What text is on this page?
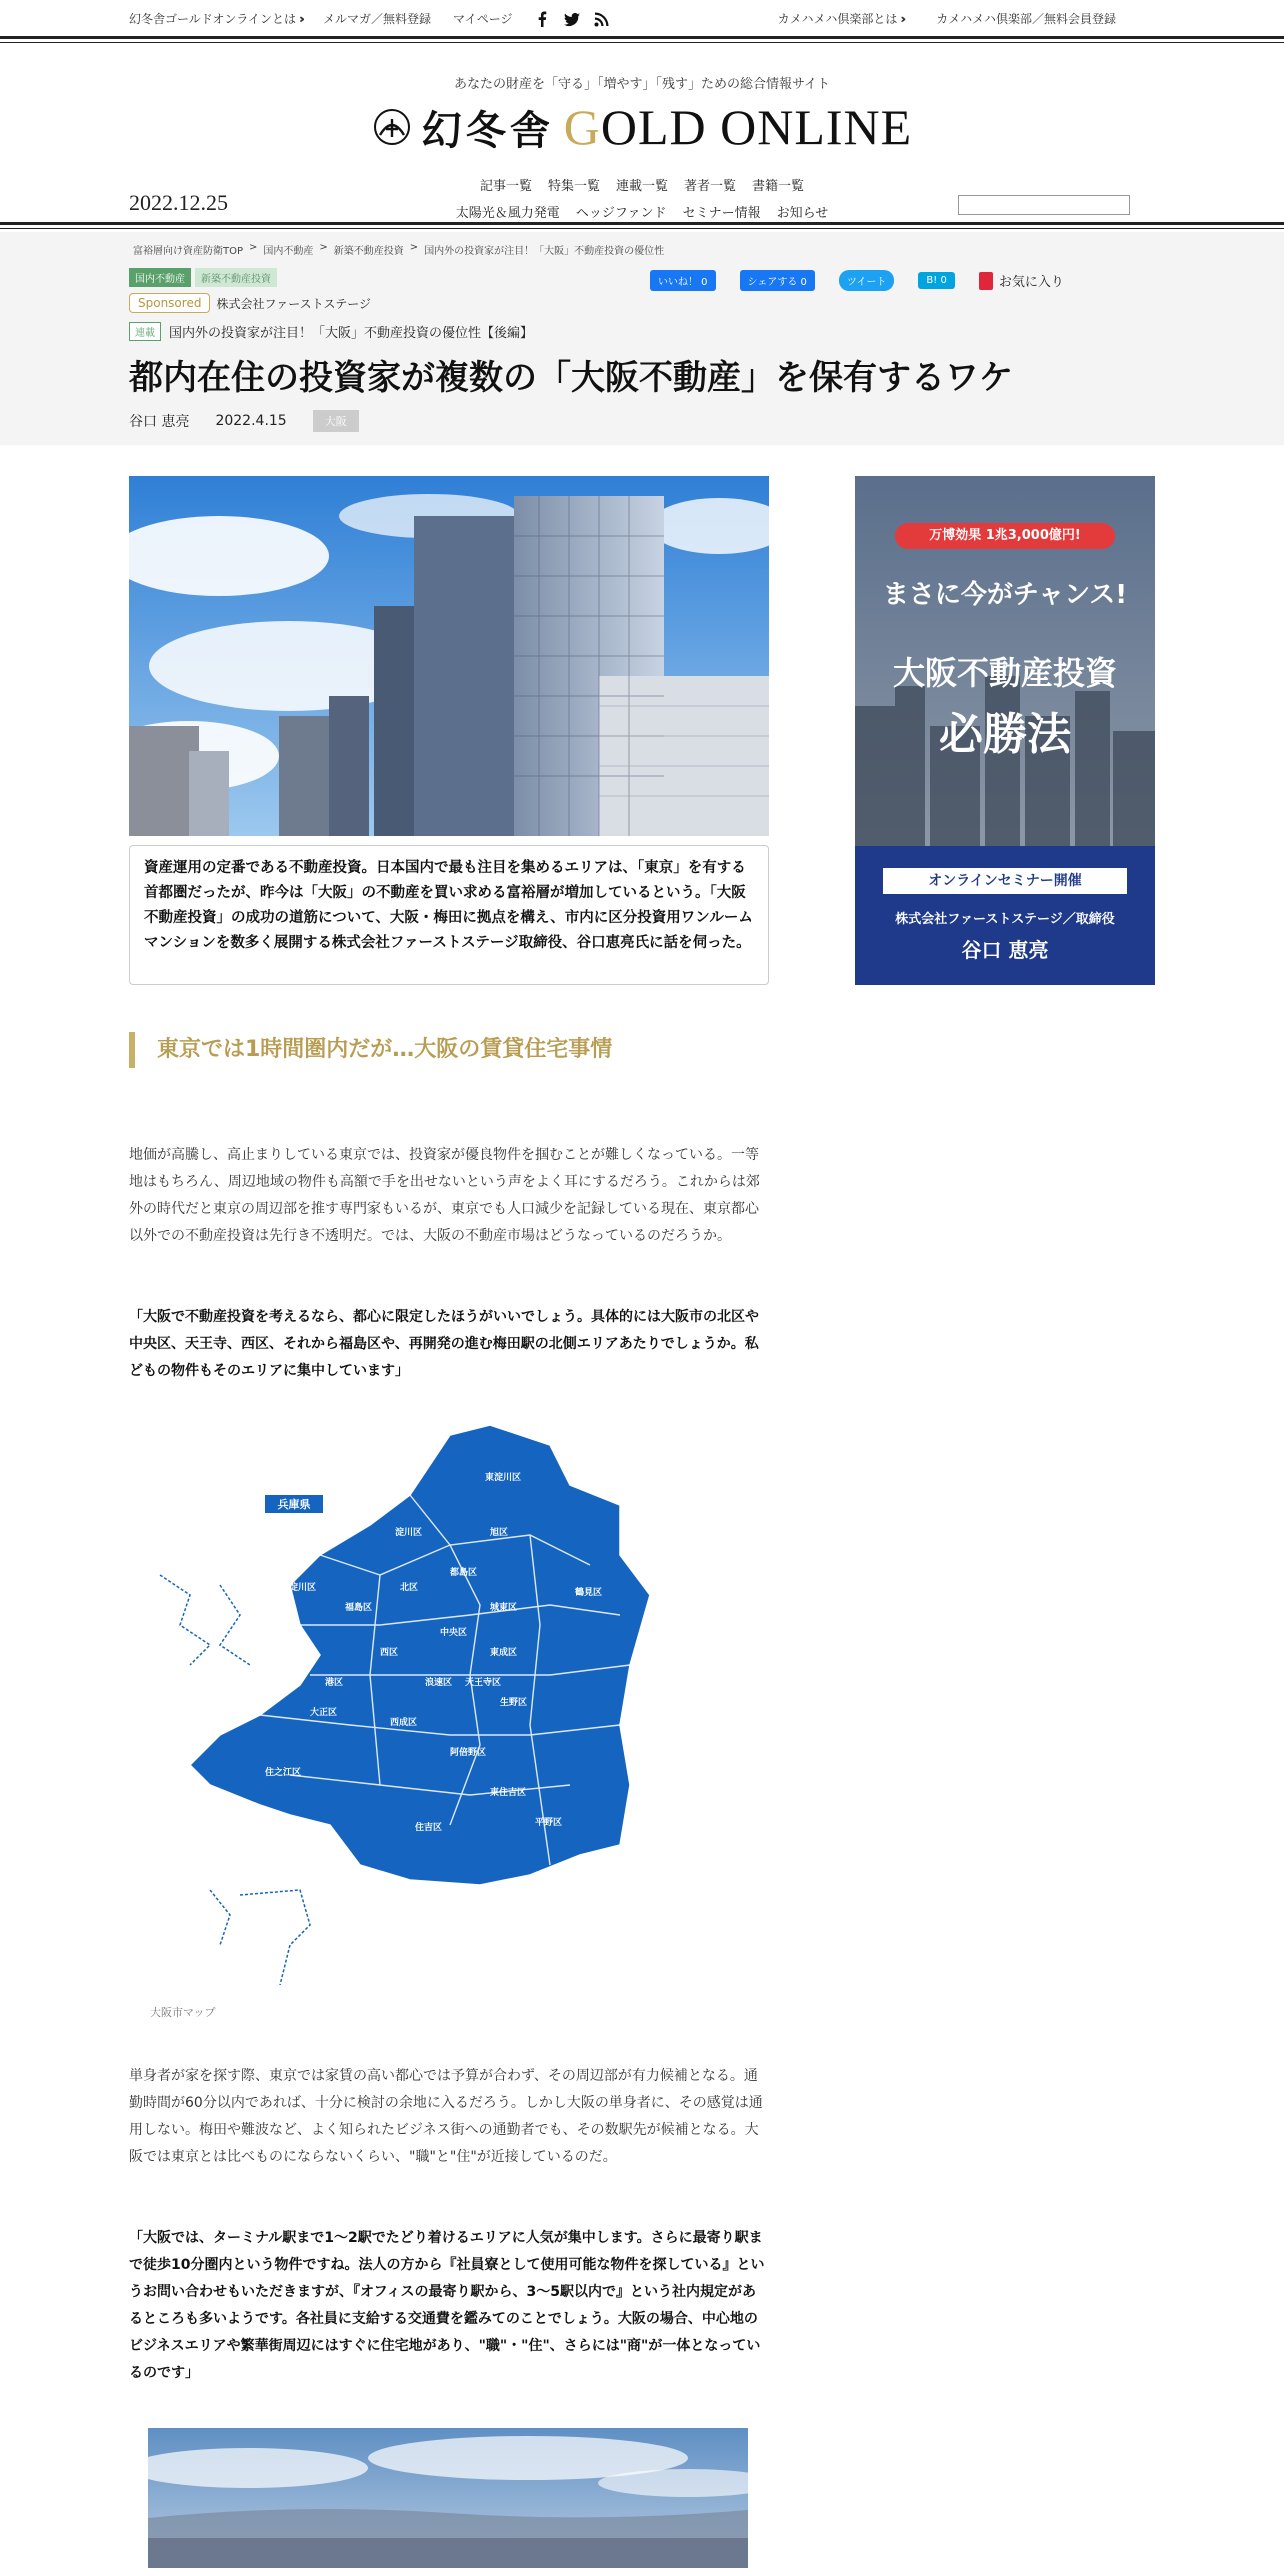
幻冬舎ゴールドオンラインとは ›› メルマガ／無料登録 マイページ	カメハメハ倶楽部とは ››	カメハメハ倶楽部／無料会員登録
あなたの財産を「守る」「増やす」「残す」ための総合情報サイト
幻冬舎 GOLD ONLINE
2022.12.25
記事一覧 特集一覧 連載一覧 著者一覧 書籍一覧
太陽光＆風力発電 ヘッジファンド セミナー情報 お知らせ
富裕層向け資産防衛TOP > 国内不動産 > 新築不動産投資 > 国内外の投資家が注目！「大阪」不動産投資の優位性
国内不動産	新築不動産投資
Sponsored	株式会社ファーストステージ
連載	国内外の投資家が注目！「大阪」不動産投資の優位性【後編】
いいね！ 0	シェアする 0	ツイート	B! 0	お気に入り
都内在住の投資家が複数の「大阪不動産」を保有するワケ
谷口 恵亮 2022.4.15	大阪
資産運用の定番である不動産投資。日本国内で最も注目を集めるエリアは、「東京」を有する首都圏だったが、昨今は「大阪」の不動産を買い求める富裕層が増加しているという。「大阪不動産投資」の成功の道筋について、大阪・梅田に拠点を構え、市内に区分投資用ワンルームマンションを数多く展開する株式会社ファーストステージ取締役、谷口恵亮氏に話を伺った。
万博効果 1兆3,000億円!
まさに今がチャンス!
大阪不動産投資
必勝法
オンラインセミナー開催
株式会社ファーストステージ／取締役
谷口 恵亮
東京では1時間圏内だが…大阪の賃貸住宅事情

地価が高騰し、高止まりしている東京では、投資家が優良物件を掴むことが難しくなっている。一等地はもちろん、周辺地域の物件も高額で手を出せないという声をよく耳にするだろう。これからは郊外の時代だと東京の周辺部を推す専門家もいるが、東京でも人口減少を記録している現在、東京都心以外での不動産投資は先行き不透明だ。では、大阪の不動産市場はどうなっているのだろうか。

「大阪で不動産投資を考えるなら、都心に限定したほうがいいでしょう。具体的には大阪市の北区や中央区、天王寺、西区、それから福島区や、再開発の進む梅田駅の北側エリアあたりでしょうか。私どもの物件もそのエリアに集中しています」

兵庫県
東淀川区
淀川区	旭区
都島区
鶴見区
城東区
西淀川区	北区
福島区
中央区
西区	東成区
此花区	港区	浪速区 天王寺区
生野区
大正区
西成区
阿倍野区
住之江区
東住吉区
平野区
住吉区
大阪市マップ

単身者が家を探す際、東京では家賃の高い都心では予算が合わず、その周辺部が有力候補となる。通勤時間が60分以内であれば、十分に検討の余地に入るだろう。しかし大阪の単身者に、その感覚は通用しない。梅田や難波など、よく知られたビジネス街への通勤者でも、その数駅先が候補となる。大阪では東京とは比べものにならないくらい、"職"と"住"が近接しているのだ。

「大阪では、ターミナル駅まで1～2駅でたどり着けるエリアに人気が集中します。さらに最寄り駅まで徒歩10分圏内という物件ですね。法人の方から『社員寮として使用可能な物件を探している』というお問い合わせもいただきますが、『オフィスの最寄り駅から、3～5駅以内で』という社内規定があるところも多いようです。各社員に支給する交通費を鑑みてのことでしょう。大阪の場合、中心地のビジネスエリアや繁華街周辺にはすぐに住宅地があり、"職"・"住"、さらには"商"が一体となっているのです」
